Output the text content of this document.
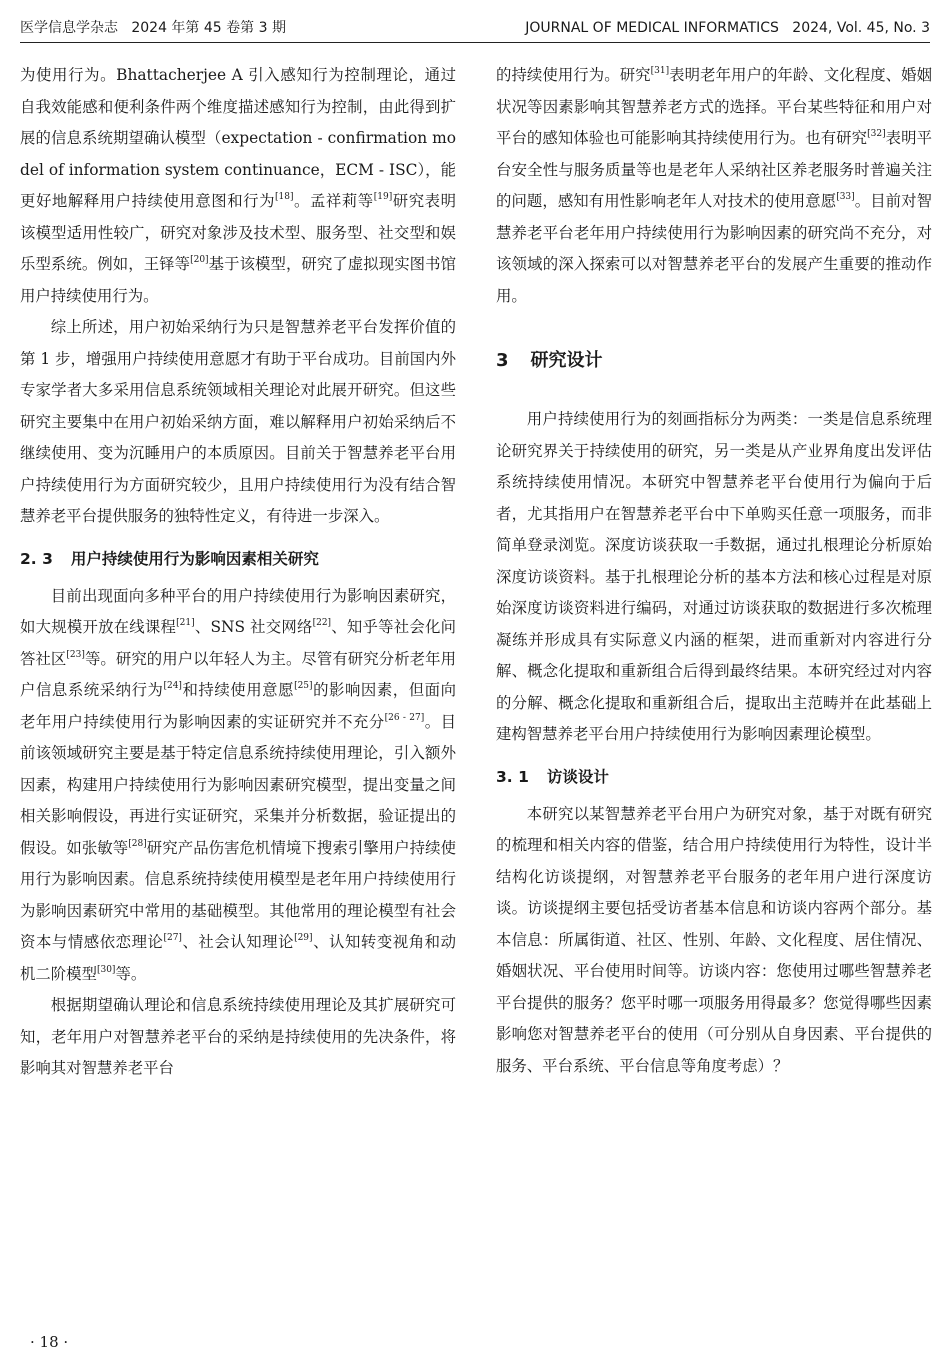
医学信息学杂志   2024 年第 45 卷第 3 期	JOURNAL OF MEDICAL INFORMATICS   2024, Vol. 45, No. 3

为使用行为。Bhattacherjee A 引入感知行为控制理论，通过自我效能感和便利条件两个维度描述感知行为控制，由此得到扩展的信息系统期望确认模型（expectation - confirmation model of information system continuance，ECM - ISC），能更好地解释用户持续使用意图和行为[18]。孟祥莉等[19]研究表明该模型适用性较广，研究对象涉及技术型、服务型、社交型和娱乐型系统。例如，王铎等[20]基于该模型，研究了虚拟现实图书馆用户持续使用行为。

综上所述，用户初始采纳行为只是智慧养老平台发挥价值的第 1 步，增强用户持续使用意愿才有助于平台成功。目前国内外专家学者大多采用信息系统领域相关理论对此展开研究。但这些研究主要集中在用户初始采纳方面，难以解释用户初始采纳后不继续使用、变为沉睡用户的本质原因。目前关于智慧养老平台用户持续使用行为方面研究较少，且用户持续使用行为没有结合智慧养老平台提供服务的独特性定义，有待进一步深入。

2. 3 用户持续使用行为影响因素相关研究

目前出现面向多种平台的用户持续使用行为影响因素研究，如大规模开放在线课程[21]、SNS 社交网络[22]、知乎等社会化问答社区[23]等。研究的用户以年轻人为主。尽管有研究分析老年用户信息系统采纳行为[24]和持续使用意愿[25]的影响因素，但面向老年用户持续使用行为影响因素的实证研究并不充分[26 - 27]。目前该领域研究主要是基于特定信息系统持续使用理论，引入额外因素，构建用户持续使用行为影响因素研究模型，提出变量之间相关影响假设，再进行实证研究，采集并分析数据，验证提出的假设。如张敏等[28]研究产品伤害危机情境下搜索引擎用户持续使用行为影响因素。信息系统持续使用模型是老年用户持续使用行为影响因素研究中常用的基础模型。其他常用的理论模型有社会资本与情感依恋理论[27]、社会认知理论[29]、认知转变视角和动机二阶模型[30]等。

根据期望确认理论和信息系统持续使用理论及其扩展研究可知，老年用户对智慧养老平台的采纳是持续使用的先决条件，将影响其对智慧养老平台

的持续使用行为。研究[31]表明老年用户的年龄、文化程度、婚姻状况等因素影响其智慧养老方式的选择。平台某些特征和用户对平台的感知体验也可能影响其持续使用行为。也有研究[32]表明平台安全性与服务质量等也是老年人采纳社区养老服务时普遍关注的问题，感知有用性影响老年人对技术的使用意愿[33]。目前对智慧养老平台老年用户持续使用行为影响因素的研究尚不充分，对该领域的深入探索可以对智慧养老平台的发展产生重要的推动作用。

3 研究设计

用户持续使用行为的刻画指标分为两类：一类是信息系统理论研究界关于持续使用的研究，另一类是从产业界角度出发评估系统持续使用情况。本研究中智慧养老平台使用行为偏向于后者，尤其指用户在智慧养老平台中下单购买任意一项服务，而非简单登录浏览。深度访谈获取一手数据，通过扎根理论分析原始深度访谈资料。基于扎根理论分析的基本方法和核心过程是对原始深度访谈资料进行编码，对通过访谈获取的数据进行多次梳理凝练并形成具有实际意义内涵的框架，进而重新对内容进行分解、概念化提取和重新组合后得到最终结果。本研究经过对内容的分解、概念化提取和重新组合后，提取出主范畴并在此基础上建构智慧养老平台用户持续使用行为影响因素理论模型。

3. 1 访谈设计

本研究以某智慧养老平台用户为研究对象，基于对既有研究的梳理和相关内容的借鉴，结合用户持续使用行为特性，设计半结构化访谈提纲，对智慧养老平台服务的老年用户进行深度访谈。访谈提纲主要包括受访者基本信息和访谈内容两个部分。基本信息：所属街道、社区、性别、年龄、文化程度、居住情况、婚姻状况、平台使用时间等。访谈内容：您使用过哪些智慧养老平台提供的服务？您平时哪一项服务用得最多？您觉得哪些因素影响您对智慧养老平台的使用（可分别从自身因素、平台提供的服务、平台系统、平台信息等角度考虑）？

· 18 ·
